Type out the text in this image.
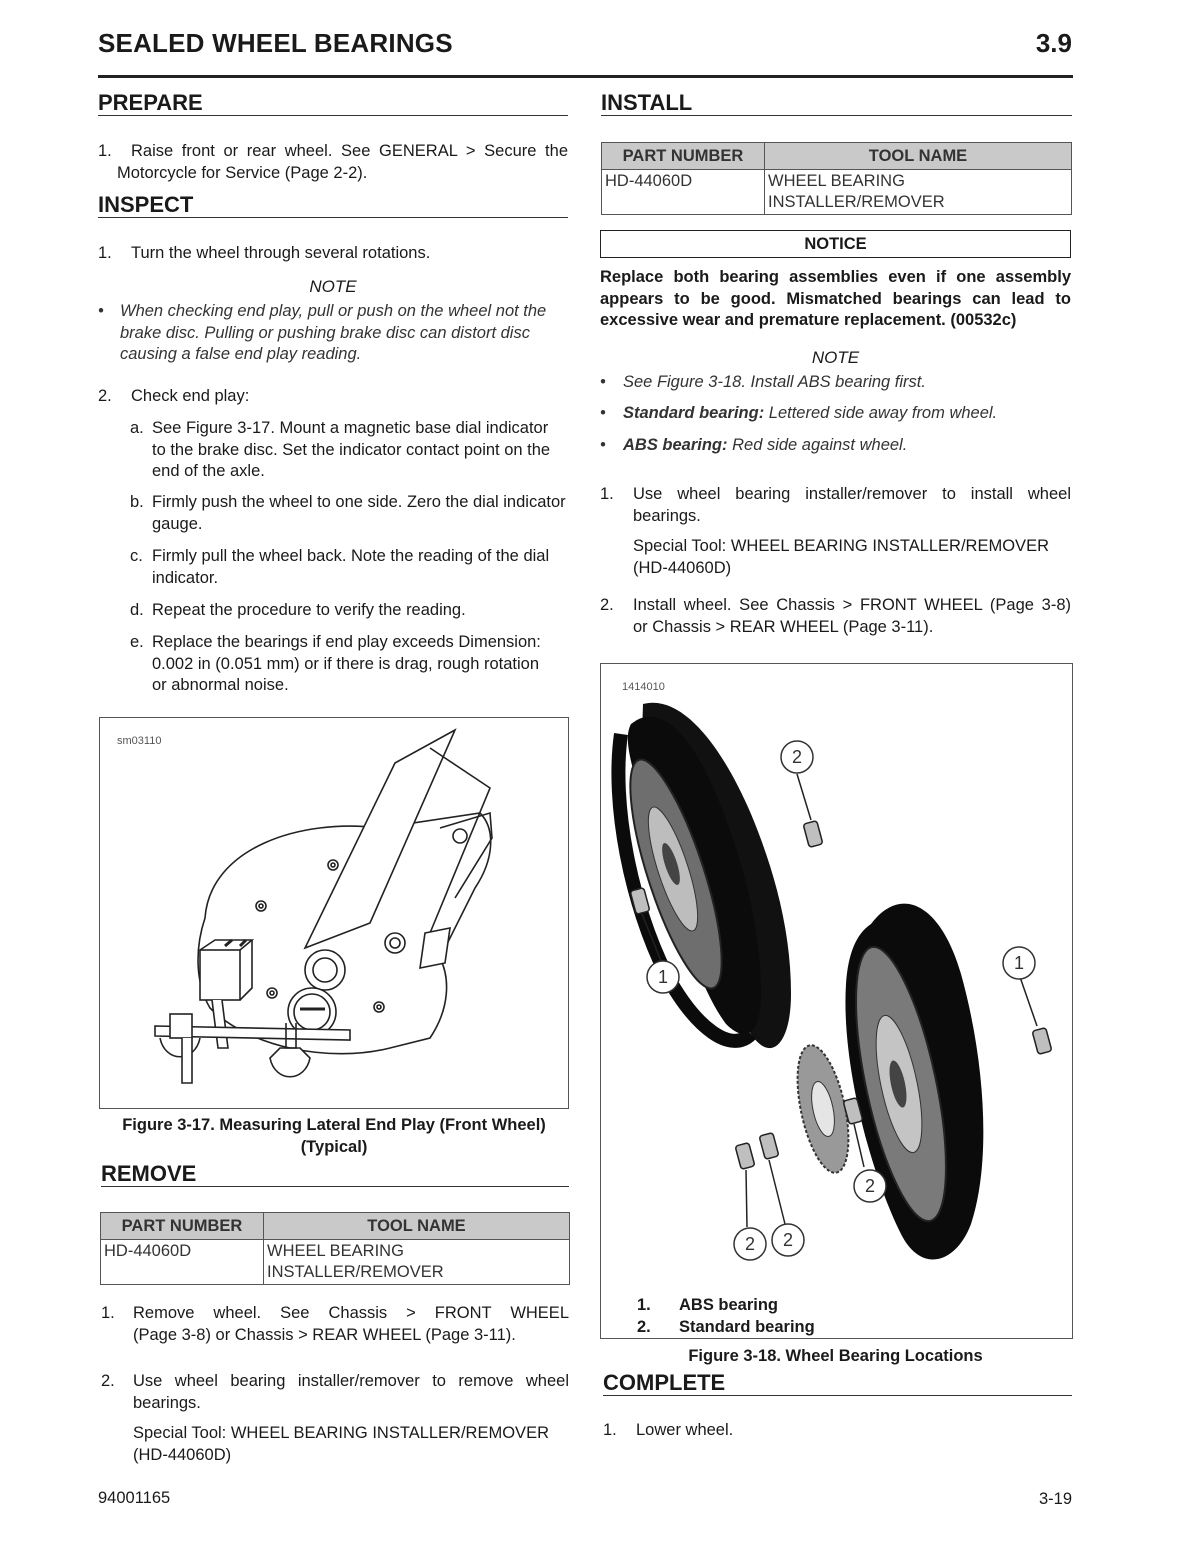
SEALED WHEEL BEARINGS	3.9
PREPARE
1. Raise front or rear wheel. See GENERAL > Secure the
Motorcycle for Service (Page 2-2).
INSPECT
1. Turn the wheel through several rotations.
NOTE
• When checking end play, pull or push on the wheel not the
brake disc. Pulling or pushing brake disc can distort disc
causing a false end play reading.
2. Check end play:
a. See Figure 3-17. Mount a magnetic base dial indicator
to the brake disc. Set the indicator contact point on the
end of the axle.
b. Firmly push the wheel to one side. Zero the dial indicator
gauge.
c. Firmly pull the wheel back. Note the reading of the dial
indicator.
d. Repeat the procedure to verify the reading.
e. Replace the bearings if end play exceeds Dimension:
0.002 in (0.051 mm) or if there is drag, rough rotation
or abnormal noise.
sm03110
Figure 3-17. Measuring Lateral End Play (Front Wheel)
(Typical)
REMOVE
PART NUMBER	TOOL NAME
HD-44060D	WHEEL BEARING
INSTALLER/REMOVER
1. Remove wheel. See Chassis > FRONT WHEEL
(Page 3-8) or Chassis > REAR WHEEL (Page 3-11).
2. Use wheel bearing installer/remover to remove wheel
bearings.
Special Tool: WHEEL BEARING INSTALLER/REMOVER
(HD-44060D)
INSTALL
PART NUMBER	TOOL NAME
HD-44060D	WHEEL BEARING
INSTALLER/REMOVER
NOTICE
Replace both bearing assemblies even if one assembly
appears to be good. Mismatched bearings can lead to
excessive wear and premature replacement. (00532c)
NOTE
• See Figure 3-18. Install ABS bearing first.
• Standard bearing: Lettered side away from wheel.
• ABS bearing: Red side against wheel.
1. Use wheel bearing installer/remover to install wheel
bearings.
Special Tool: WHEEL BEARING INSTALLER/REMOVER
(HD-44060D)
2. Install wheel. See Chassis > FRONT WHEEL (Page 3-8)
or Chassis > REAR WHEEL (Page 3-11).
1414010
2
1
1
2
2 2
1. ABS bearing
2. Standard bearing
Figure 3-18. Wheel Bearing Locations
COMPLETE
1. Lower wheel.
94001165	3-19
